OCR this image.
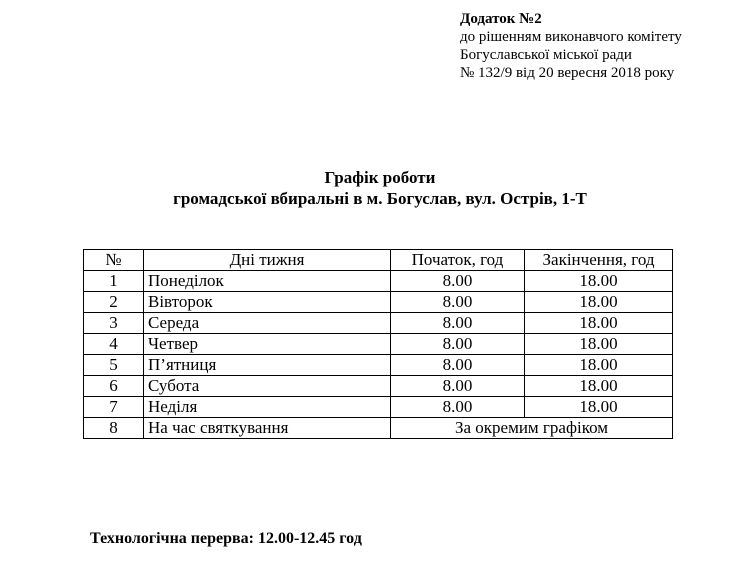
Додаток №2
до рішенням виконавчого комітету
Богуславської міської ради
№ 132/9 від 20 вересня 2018 року
Графік роботи
громадської вбиральні в м. Богуслав, вул. Острів, 1-Т
№	Дні тижня	Початок, год	Закінчення, год
1	Понеділок	8.00	18.00
2	Вівторок	8.00	18.00
3	Середа	8.00	18.00
4	Четвер	8.00	18.00
5	П’ятниця	8.00	18.00
6	Субота	8.00	18.00
7	Неділя	8.00	18.00
8	На час святкування	За окремим графіком	
Технологічна перерва: 12.00-12.45 год
